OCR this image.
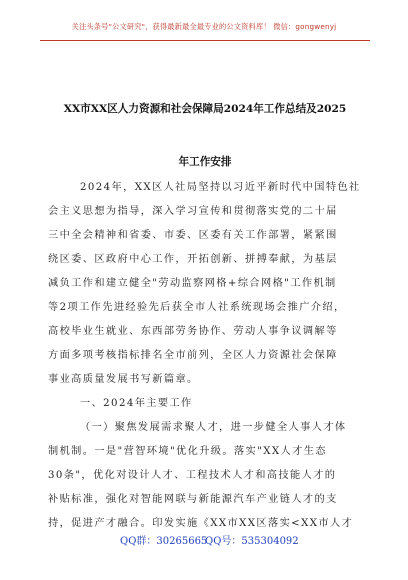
关注头条号"公文研究"，获得最新最全最专业的公文资料库！ 微信：gongwenyj
XX市XX区人力资源和社会保障局2024年工作总结及2025
年工作安排
2024年，XX区人社局坚持以习近平新时代中国特色社
会主义思想为指导，深入学习宣传和贯彻落实党的二十届
三中全会精神和省委、市委、区委有关工作部署，紧紧围
绕区委、区政府中心工作，开拓创新、拼搏奉献，为基层
减负工作和建立健全"劳动监察网格+综合网格"工作机制
等2项工作先进经验先后获全市人社系统现场会推广介绍，
高校毕业生就业、东西部劳务协作、劳动人事争议调解等
方面多项考核指标排名全市前列，全区人力资源社会保障
事业高质量发展书写新篇章。
一、2024年主要工作
（一）聚焦发展需求聚人才，进一步健全人事人才体
制机制。一是"营智环境"优化升级。落实"XX人才生态
30条"，优化对设计人才、工程技术人才和高技能人才的
补贴标准，强化对智能网联与新能源汽车产业链人才的支
持，促进产才融合。印发实施《XX市XX区落实<XX市人才
QQ群：30265665
QQ号：535304092
